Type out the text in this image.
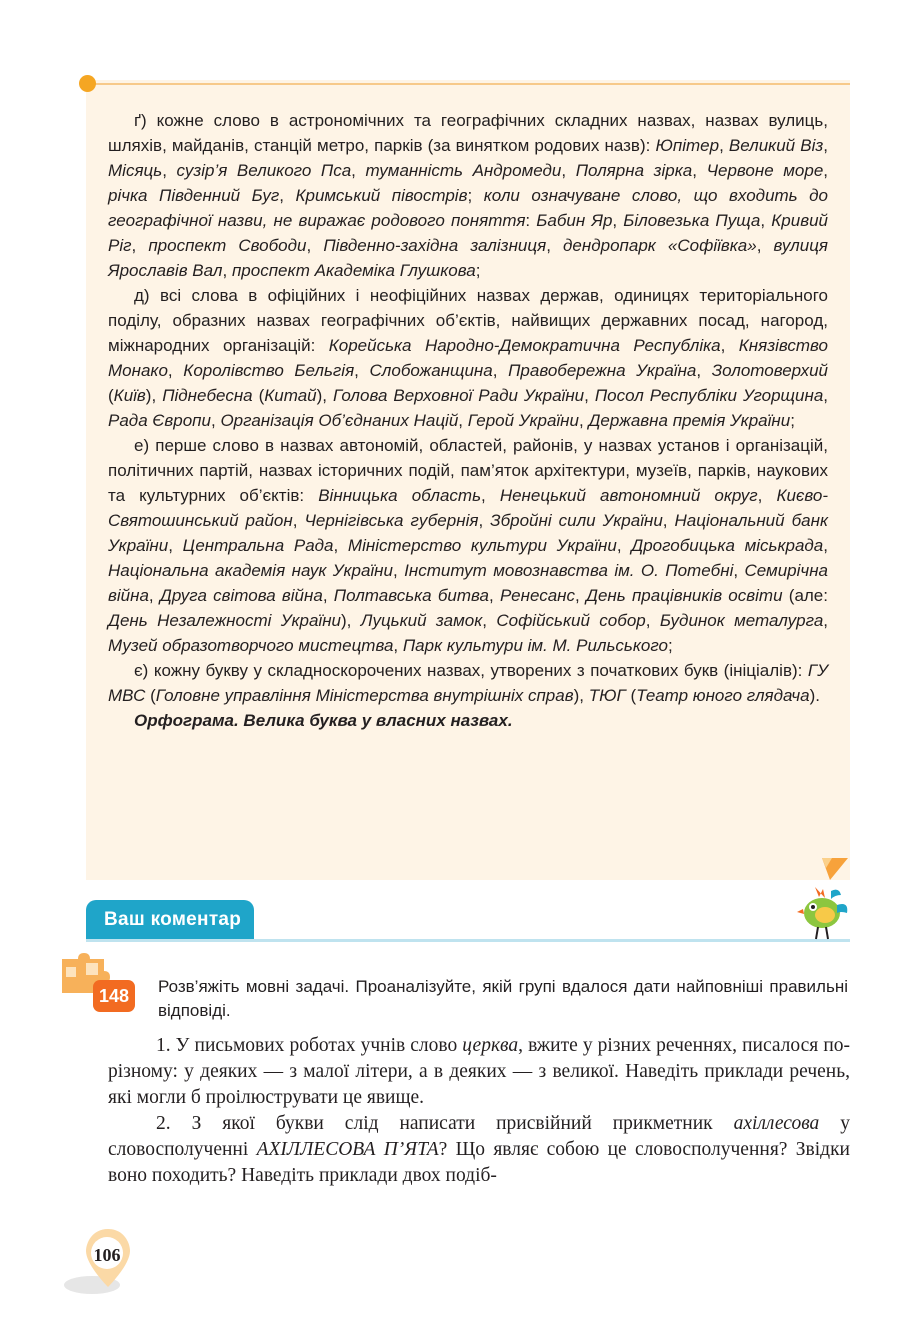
ґ) кожне слово в астрономічних та географічних складних назвах, назвах вулиць, шляхів, майданів, станцій метро, парків (за винятком родових назв): Юпітер, Великий Віз, Місяць, сузір’я Великого Пса, туманність Андромеди, Полярна зірка, Червоне море, річка Південний Буг, Кримський півострів; коли означуване слово, що входить до географічної назви, не виражає родового поняття: Бабин Яр, Біловезька Пуща, Кривий Ріг, проспект Свободи, Південно-західна залізниця, дендропарк «Софіївка», вулиця Ярославів Вал, проспект Академіка Глушкова;

д) всі слова в офіційних і неофіційних назвах держав, одиницях територіального поділу, образних назвах географічних об’єктів, найвищих державних посад, нагород, міжнародних організацій: Корейська Народно-Демократична Республіка, Князівство Монако, Королівство Бельгія, Слобожанщина, Правобережна Україна, Золотоверхий (Київ), Піднебесна (Китай), Голова Верховної Ради України, Посол Республіки Угорщина, Рада Європи, Організація Об’єднаних Націй, Герой України, Державна премія України;

е) перше слово в назвах автономій, областей, районів, у назвах установ і організацій, політичних партій, назвах історичних подій, пам’яток архітектури, музеїв, парків, наукових та культурних об’єктів: Вінницька область, Ненецький автономний округ, Києво-Святошинський район, Чернігівська губернія, Збройні сили України, Національний банк України, Центральна Рада, Міністерство культури України, Дрогобицька міськрада, Національна академія наук України, Інститут мовознавства ім. О. Потебні, Семирічна війна, Друга світова війна, Полтавська битва, Ренесанс, День працівників освіти (але: День Незалежності України), Луцький замок, Софійський собор, Будинок металурга, Музей образотворчого мистецтва, Парк культури ім. М. Рильського;

є) кожну букву у складноскорочених назвах, утворених з початкових букв (ініціалів): ГУ МВС (Головне управління Міністерства внутрішніх справ), ТЮГ (Театр юного глядача).

Орфограма. Велика буква у власних назвах.

Ваш коментар
148	Розв’яжіть мовні задачі. Проаналізуйте, якій групі вдалося дати найповніші правильні відповіді.

1. У письмових роботах учнів слово церква, вжите у різних реченнях, писалося по-різному: у деяких — з малої літери, а в деяких — з великої. Наведіть приклади речень, які могли б проілюструвати це явище.

2. З якої букви слід написати присвійний прикметник ахіллесова у словосполученні АХІЛЛЕСОВА П’ЯТА? Що являє собою це словосполучення? Звідки воно походить? Наведіть приклади двох подіб-

106
